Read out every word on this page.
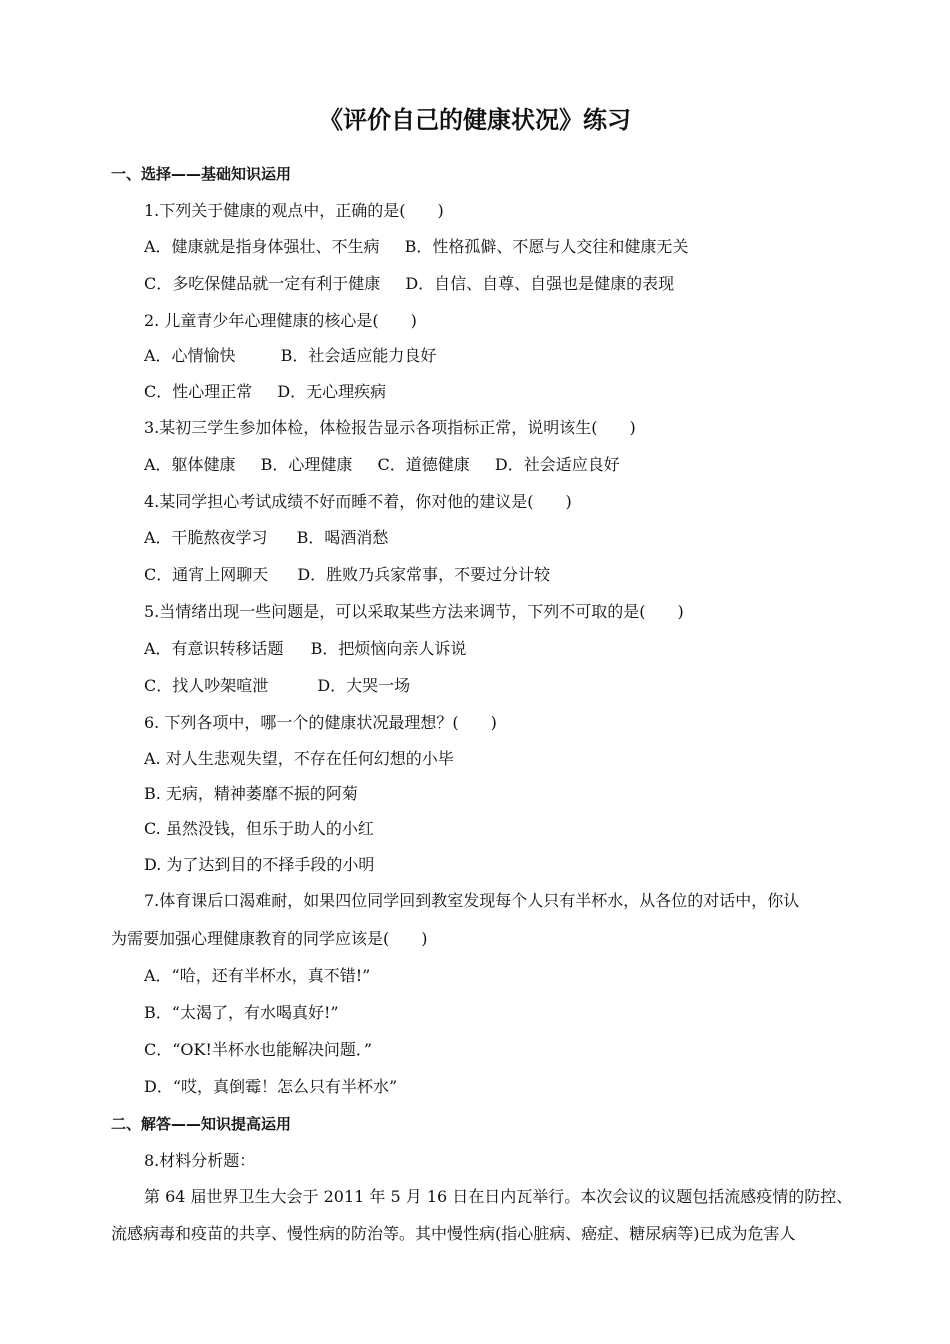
《评价自己的健康状况》练习
一、选择——基础知识运用
1.下列关于健康的观点中，正确的是(　　)
A．健康就是指身体强壮、不生病 B．性格孤僻、不愿与人交往和健康无关
C．多吃保健品就一定有利于健康 D．自信、自尊、自强也是健康的表现
2. 儿童青少年心理健康的核心是(　　)
A．心情愉快	B．社会适应能力良好
C．性心理正常 D．无心理疾病
3.某初三学生参加体检，体检报告显示各项指标正常，说明该生(　　)
A．躯体健康 B．心理健康 C．道德健康 D．社会适应良好
4.某同学担心考试成绩不好而睡不着，你对他的建议是(　　)
A．干脆熬夜学习 B．喝酒消愁
C．通宵上网聊天 D．胜败乃兵家常事，不要过分计较
5.当情绪出现一些问题是，可以采取某些方法来调节，下列不可取的是(　　)
A．有意识转移话题 B．把烦恼向亲人诉说
C．找人吵架喧泄	D．大哭一场
6. 下列各项中，哪一个的健康状况最理想？(　　)
A. 对人生悲观失望，不存在任何幻想的小毕
B. 无病，精神萎靡不振的阿菊
C. 虽然没钱，但乐于助人的小红
D. 为了达到目的不择手段的小明
7.体育课后口渴难耐，如果四位同学回到教室发现每个人只有半杯水，从各位的对话中，你认
为需要加强心理健康教育的同学应该是(　　)
A．“哈，还有半杯水，真不错!”
B．“太渴了，有水喝真好!”
C．“OK!半杯水也能解决问题．”
D．“哎，真倒霉！怎么只有半杯水”
二、解答——知识提高运用
8.材料分析题：
第 64 届世界卫生大会于 2011 年 5 月 16 日在日内瓦举行。本次会议的议题包括流感疫情的防控、
流感病毒和疫苗的共享、慢性病的防治等。其中慢性病(指心脏病、癌症、糖尿病等)已成为危害人
